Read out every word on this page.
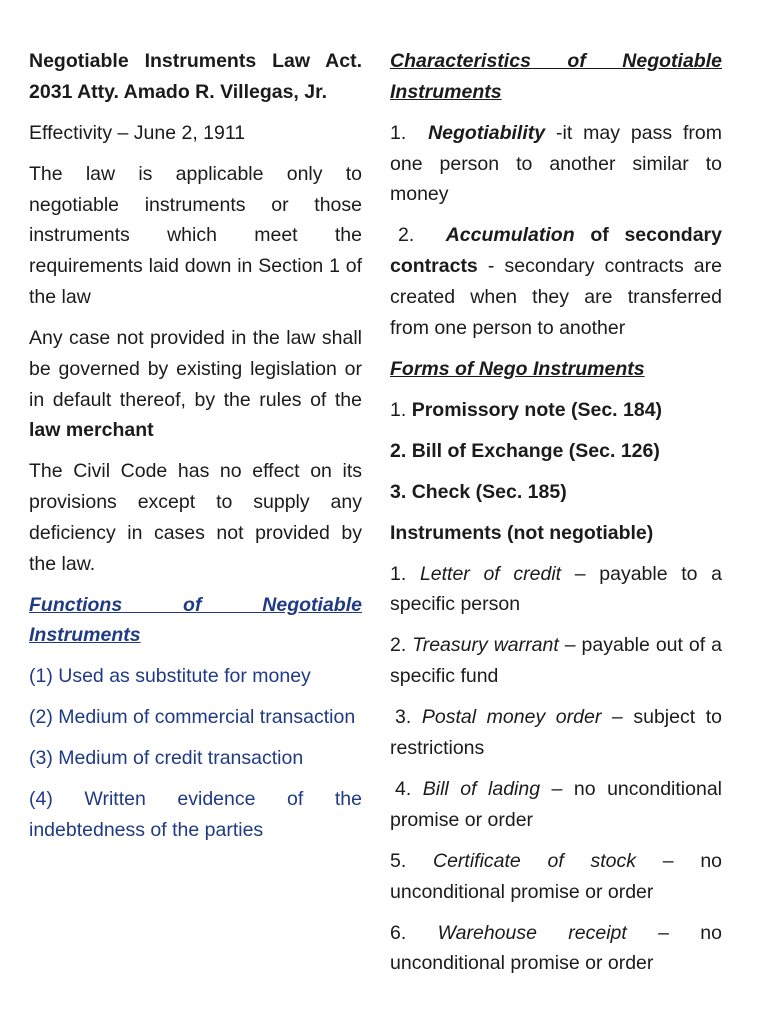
Negotiable Instruments Law Act. 2031 Atty. Amado R. Villegas, Jr.

Effectivity – June 2, 1911

The law is applicable only to negotiable instruments or those instruments which meet the requirements laid down in Section 1 of the law

Any case not provided in the law shall be governed by existing legislation or in default thereof, by the rules of the law merchant

The Civil Code has no effect on its provisions except to supply any deficiency in cases not provided by the law.

Functions of Negotiable Instruments

(1) Used as substitute for money

(2) Medium of commercial transaction

(3) Medium of credit transaction

(4) Written evidence of the indebtedness of the parties

Characteristics of Negotiable Instruments

1. Negotiability -it may pass from one person to another similar to money

2. Accumulation of secondary contracts - secondary contracts are created when they are transferred from one person to another

Forms of Nego Instruments

1. Promissory note (Sec. 184)

2. Bill of Exchange (Sec. 126)

3. Check (Sec. 185)

Instruments (not negotiable)

1. Letter of credit – payable to a specific person

2. Treasury warrant – payable out of a specific fund

3. Postal money order – subject to restrictions

4. Bill of lading – no unconditional promise or order

5. Certificate of stock – no unconditional promise or order

6. Warehouse receipt – no unconditional promise or order
